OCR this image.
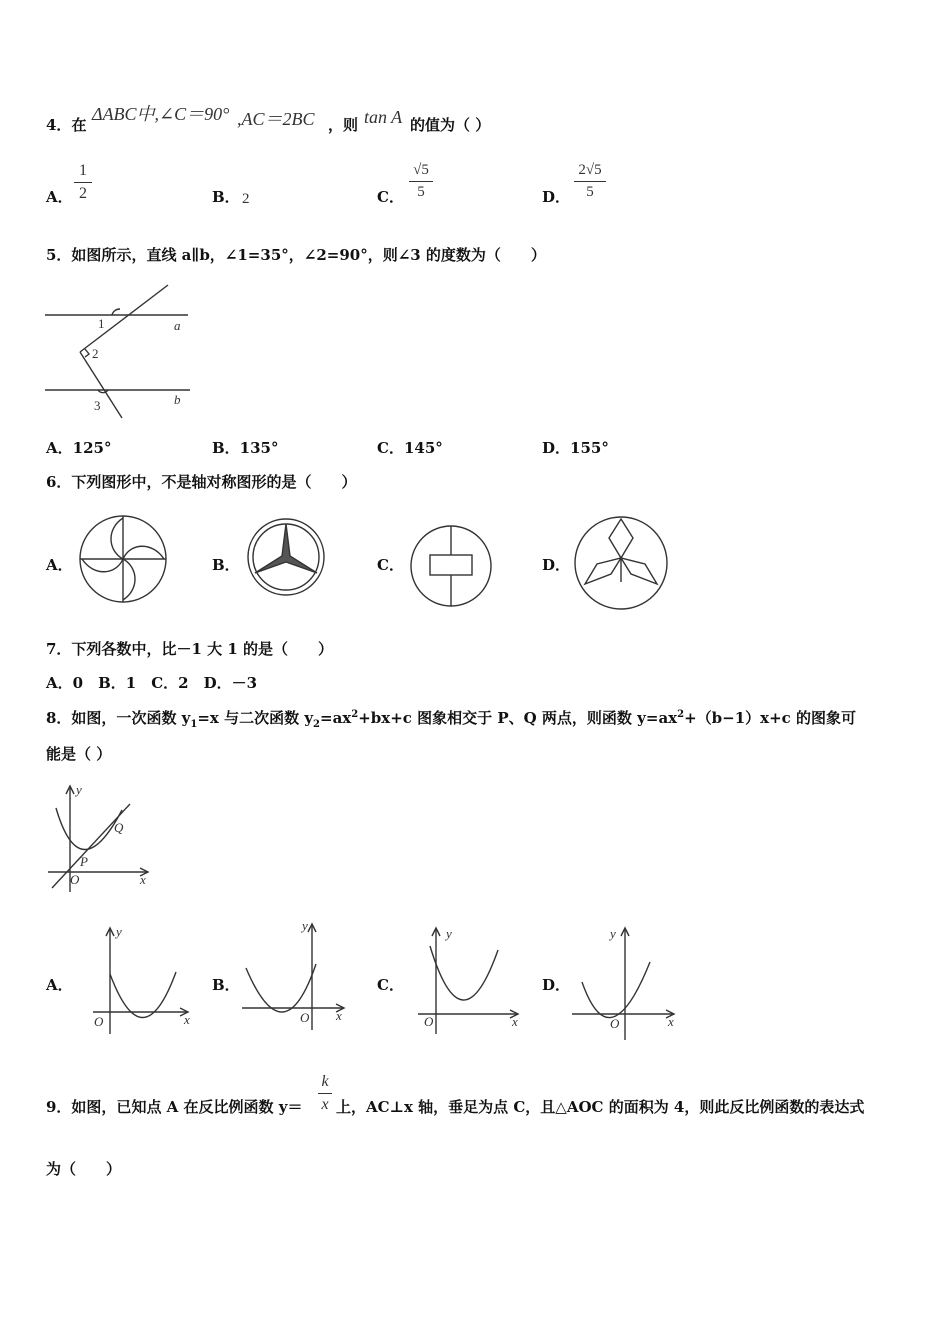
4．在
ΔABC中,∠C＝90° ,AC＝2BC ，则 tan A 的值为（ ）
A．
1
2	B． 2	C．
√5
5	D．
2√5
5
5．如图所示，直线 a∥b，∠1=35°，∠2=90°，则∠3 的度数为（　　）
1
2
3
a
b
A．125°	B．135°	C．145°	D．155°
6．下列图形中，不是轴对称图形的是（　　）
A．	B．	C．	D．
7．下列各数中，比－1 大 1 的是（　　）
A．0　B．1　C．2　D．－3
8．如图，一次函数 $y_1=x$ 与二次函数 $y_2=ax^2+bx+c$ 图象相交于 P、Q 两点，则函数 $y=ax^2+(b-1)x+c$ 的图象可
能是（ ）
y
x
O
P
Q
A．
y
x
O
B．
y
x
O
C．
y
x
O
D．
y
x
O
9．如图，已知点 A 在反比例函数 y＝
k
x 上，AC⊥x 轴，垂足为点 C，且△AOC 的面积为 4，则此反比例函数的表达式
为（　　）
